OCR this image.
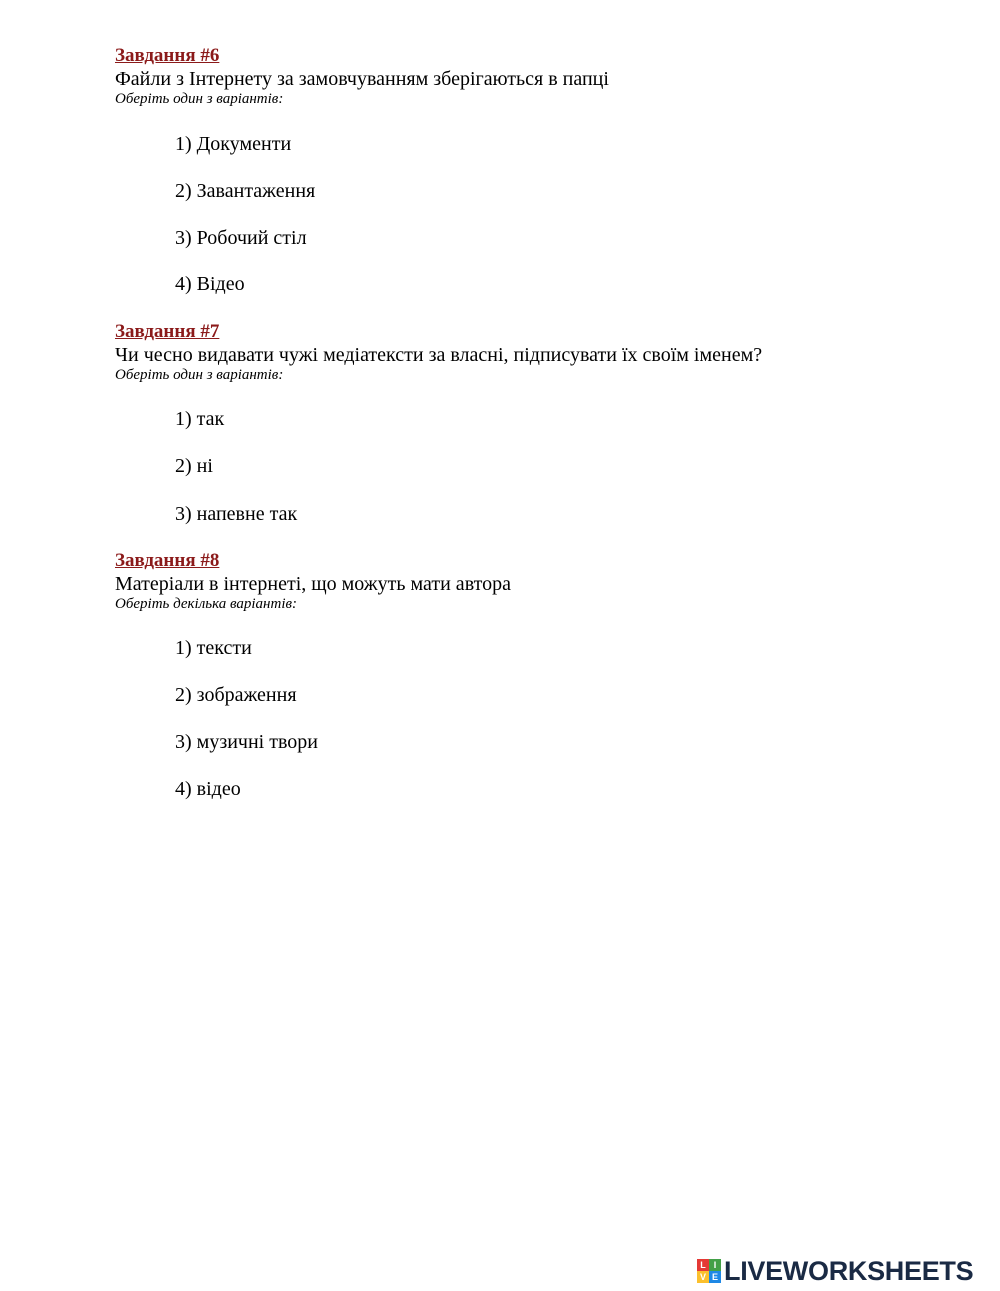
Завдання #6

Файли з Інтернету за замовчуванням зберігаються в папці

Оберіть один з варіантів:

1) Документи
2) Завантаження
3) Робочий стіл
4) Відео

Завдання #7

Чи чесно видавати чужі медіатексти за власні, підписувати їх своїм іменем?

Оберіть один з варіантів:

1) так
2) ні
3) напевне так

Завдання #8

Матеріали в інтернеті, що можуть мати автора

Оберіть декілька варіантів:

1) тексти
2) зображення
3) музичні твори
4) відео
L I
V E LIVEWORKSHEETS
